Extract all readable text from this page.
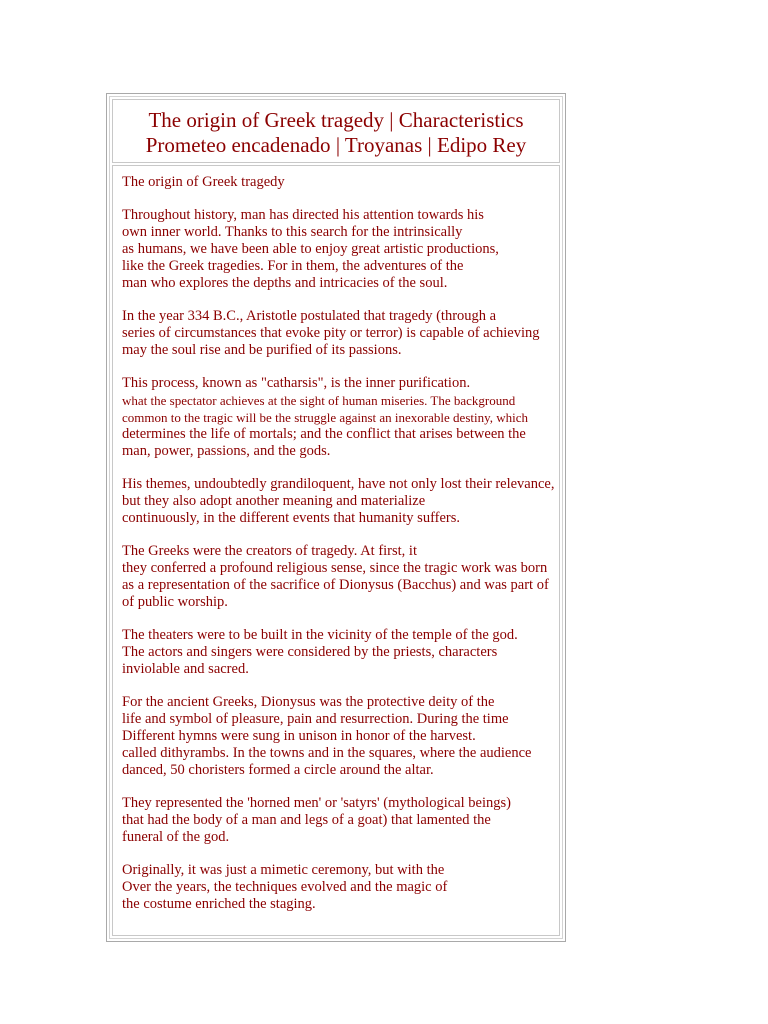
The origin of Greek tragedy | Characteristics
Prometeo encadenado | Troyanas | Edipo Rey
The origin of Greek tragedy
Throughout history, man has directed his attention towards his
own inner world. Thanks to this search for the intrinsically
as humans, we have been able to enjoy great artistic productions,
like the Greek tragedies. For in them, the adventures of the
man who explores the depths and intricacies of the soul.
In the year 334 B.C., Aristotle postulated that tragedy (through a
series of circumstances that evoke pity or terror) is capable of achieving
may the soul rise and be purified of its passions.
This process, known as "catharsis", is the inner purification.
what the spectator achieves at the sight of human miseries. The background
common to the tragic will be the struggle against an inexorable destiny, which
determines the life of mortals; and the conflict that arises between the
man, power, passions, and the gods.
His themes, undoubtedly grandiloquent, have not only lost their relevance,
but they also adopt another meaning and materialize
continuously, in the different events that humanity suffers.
The Greeks were the creators of tragedy. At first, it
they conferred a profound religious sense, since the tragic work was born
as a representation of the sacrifice of Dionysus (Bacchus) and was part of
of public worship.
The theaters were to be built in the vicinity of the temple of the god.
The actors and singers were considered by the priests, characters
inviolable and sacred.
For the ancient Greeks, Dionysus was the protective deity of the
life and symbol of pleasure, pain and resurrection. During the time
Different hymns were sung in unison in honor of the harvest.
called dithyrambs. In the towns and in the squares, where the audience
danced, 50 choristers formed a circle around the altar.
They represented the 'horned men' or 'satyrs' (mythological beings)
that had the body of a man and legs of a goat) that lamented the
funeral of the god.
Originally, it was just a mimetic ceremony, but with the
Over the years, the techniques evolved and the magic of
the costume enriched the staging.
